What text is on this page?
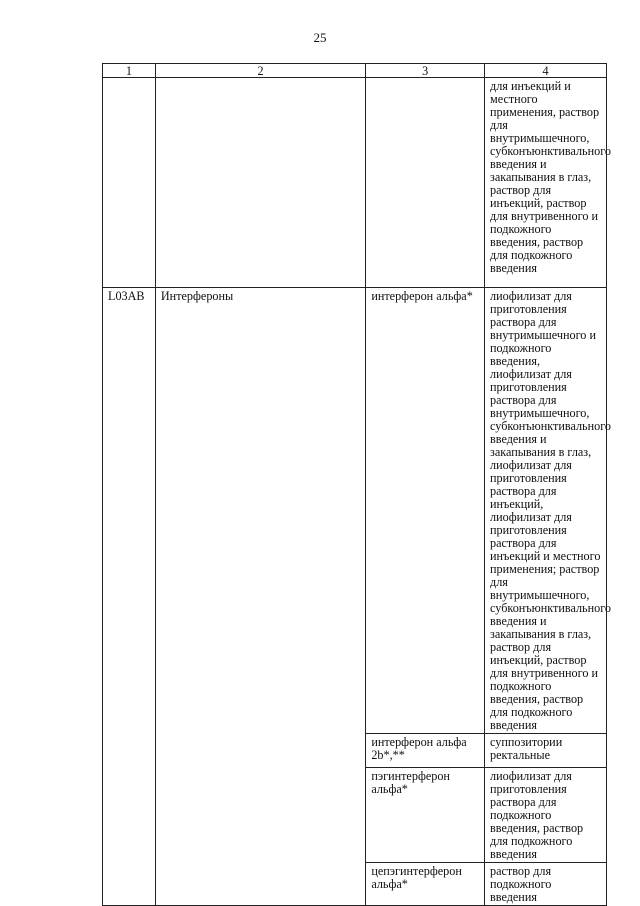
25
1	2	3	4
			для инъекций и местного применения, раствор для внутримышечного, субконъюнктивального введения и закапывания в глаз, раствор для инъекций, раствор для внутривенного и подкожного введения, раствор для подкожного введения
L03AB	Интерфероны	интерферон альфа*	лиофилизат для приготовления раствора для внутримышечного и подкожного введения, лиофилизат для приготовления раствора для внутримышечного, субконъюнктивального введения и закапывания в глаз, лиофилизат для приготовления раствора для инъекций, лиофилизат для приготовления раствора для инъекций и местного применения; раствор для внутримышечного, субконъюнктивального введения и закапывания в глаз, раствор для инъекций, раствор для внутривенного и подкожного введения, раствор для подкожного введения
		интерферон альфа 2b*,**	суппозитории ректальные
		пэгинтерферон альфа*	лиофилизат для приготовления раствора для подкожного введения, раствор для подкожного введения
		цепэгинтерферон альфа*	раствор для подкожного введения
